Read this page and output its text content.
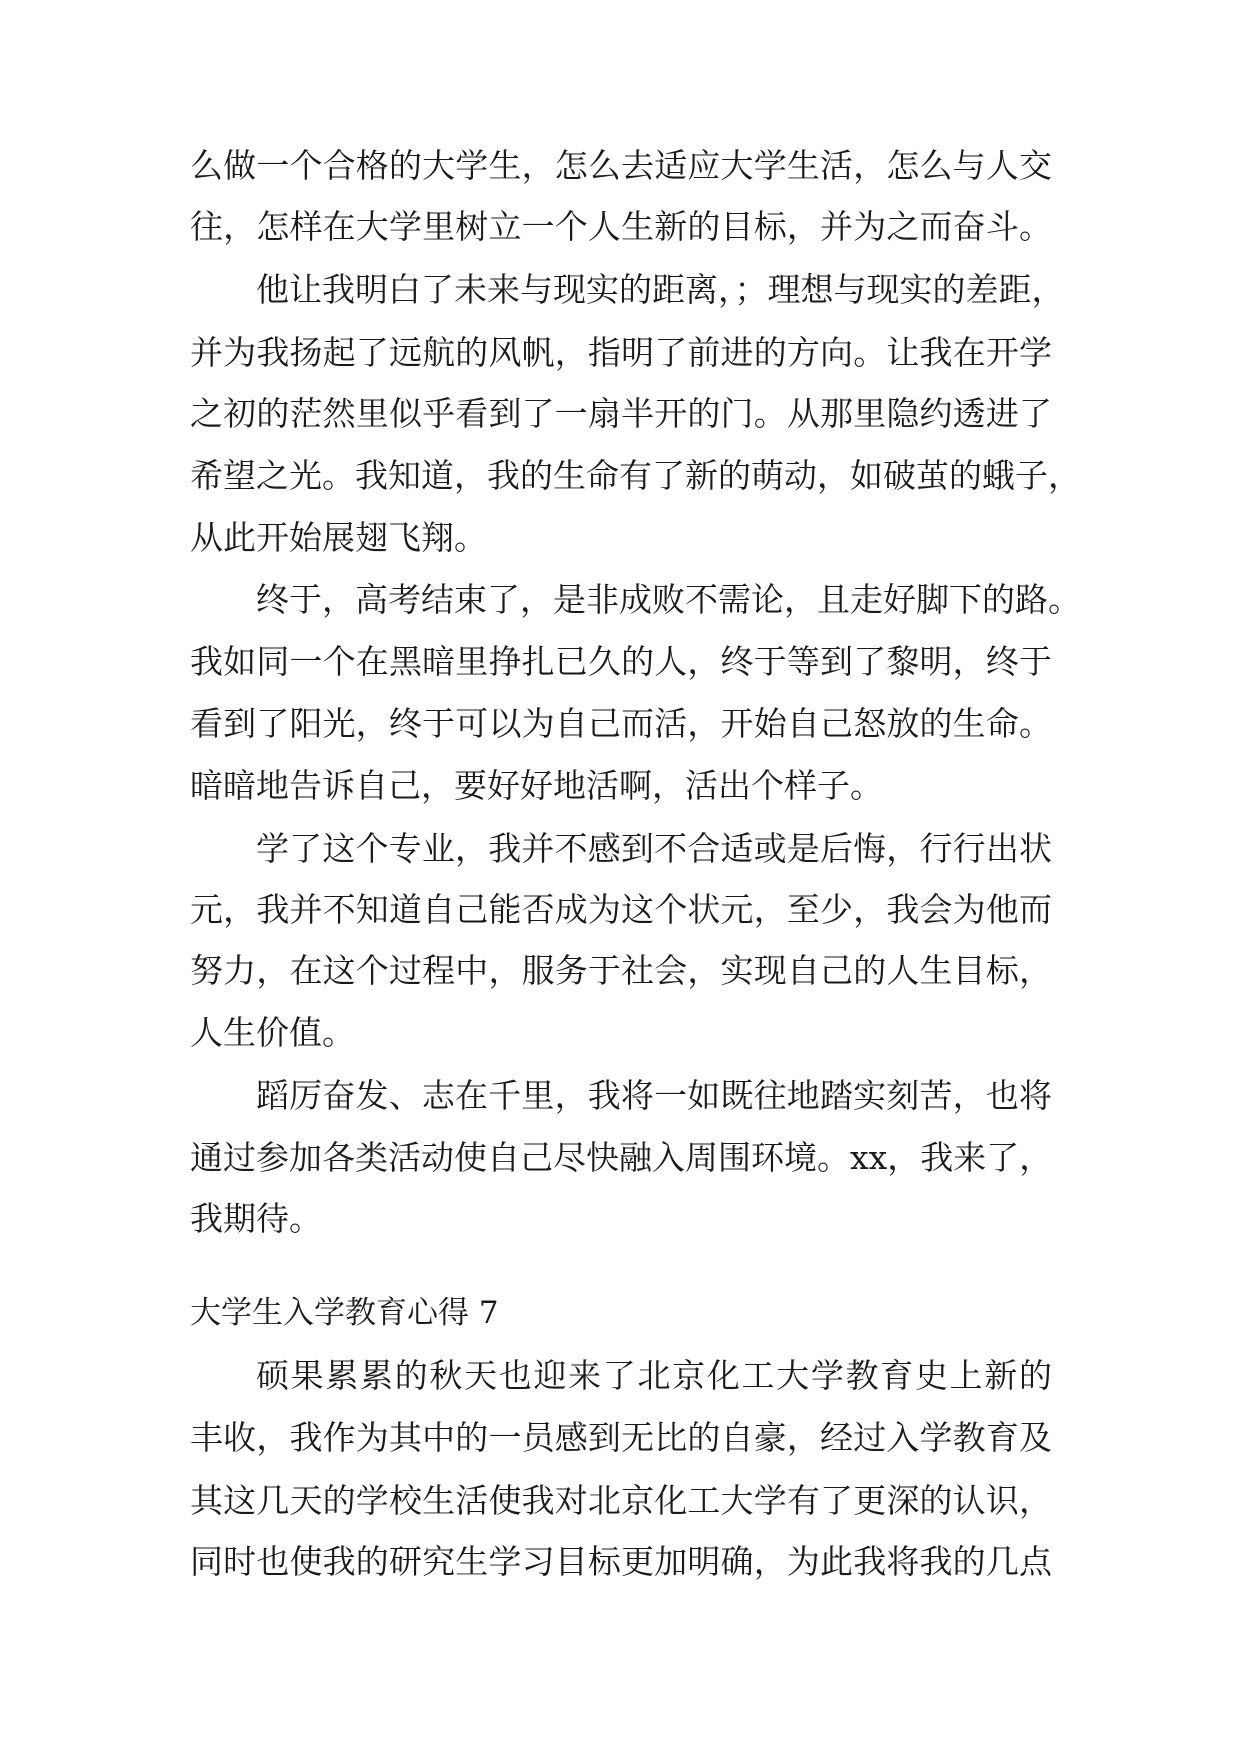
么做一个合格的大学生，怎么去适应大学生活，怎么与人交
往，怎样在大学里树立一个人生新的目标，并为之而奋斗。
他让我明白了未来与现实的距离，；理想与现实的差距，
并为我扬起了远航的风帆，指明了前进的方向。让我在开学
之初的茫然里似乎看到了一扇半开的门。从那里隐约透进了
希望之光。我知道，我的生命有了新的萌动，如破茧的蛾子，
从此开始展翅飞翔。
终于，高考结束了，是非成败不需论，且走好脚下的路。
我如同一个在黑暗里挣扎已久的人，终于等到了黎明，终于
看到了阳光，终于可以为自己而活，开始自己怒放的生命。
暗暗地告诉自己，要好好地活啊，活出个样子。
学了这个专业，我并不感到不合适或是后悔，行行出状
元，我并不知道自己能否成为这个状元，至少，我会为他而
努力，在这个过程中，服务于社会，实现自己的人生目标，
人生价值。
蹈厉奋发、志在千里，我将一如既往地踏实刻苦，也将
通过参加各类活动使自己尽快融入周围环境。xx，我来了，
我期待。
大学生入学教育心得 7
硕果累累的秋天也迎来了北京化工大学教育史上新的
丰收，我作为其中的一员感到无比的自豪，经过入学教育及
其这几天的学校生活使我对北京化工大学有了更深的认识，
同时也使我的研究生学习目标更加明确，为此我将我的几点
